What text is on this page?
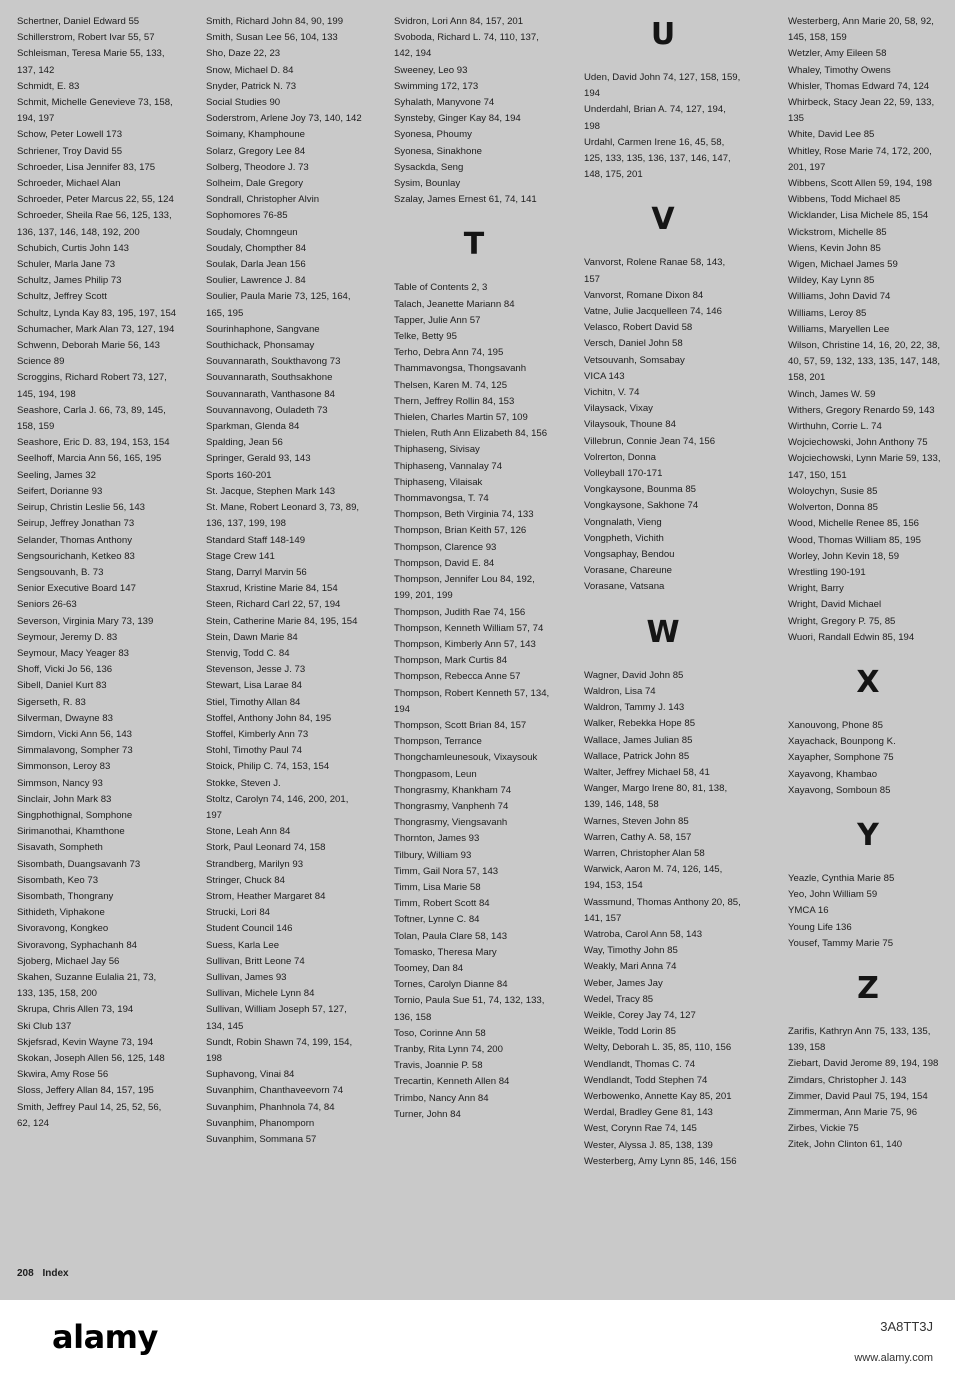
Schertner, Daniel Edward 55
Schillerstrom, Robert Ivar 55, 57
Schleisman, Teresa Marie 55, 133, 137, 142
Schmidt, E. 83
Schmit, Michelle Genevieve 73, 158, 194, 197
Schow, Peter Lowell 173
Schriener, Troy David 55
Schroeder, Lisa Jennifer 83, 175
Schroeder, Michael Alan
Schroeder, Peter Marcus 22, 55, 124
Schroeder, Sheila Rae 56, 125, 133, 136, 137, 146, 148, 192, 200
Schubich, Curtis John 143
Schuler, Marla Jane 73
Schultz, James Philip 73
Schultz, Jeffrey Scott
Schultz, Lynda Kay 83, 195, 197, 154
Schumacher, Mark Alan 73, 127, 194
Schwenn, Deborah Marie 56, 143
Science 89
Scroggins, Richard Robert 73, 127, 145, 194, 198
Seashore, Carla J. 66, 73, 89, 145, 158, 159
Seashore, Eric D. 83, 194, 153, 154
Seelhoff, Marcia Ann 56, 165, 195
Seeling, James 32
Seifert, Dorianne 93
Seirup, Christin Leslie 56, 143
Seirup, Jeffrey Jonathan 73
Selander, Thomas Anthony
Sengsourichanh, Ketkeo 83
Sengsouvanh, B. 73
Senior Executive Board 147
Seniors 26-63
Severson, Virginia Mary 73, 139
Seymour, Jeremy D. 83
Seymour, Macy Yeager 83
Shoff, Vicki Jo 56, 136
Sibell, Daniel Kurt 83
Sigerseth, R. 83
Silverman, Dwayne 83
Simdorn, Vicki Ann 56, 143
Simmalavong, Sompher 73
Simmonson, Leroy 83
Simmson, Nancy 93
Sinclair, John Mark 83
Singphothignal, Somphone
Sirimanothai, Khamthone
Sisavath, Sompheth
Sisombath, Duangsavanh 73
Sisombath, Keo 73
Sisombath, Thongrany
Sithideth, Viphakone
Sivoravong, Kongkeo
Sivoravong, Syphachanh 84
Sjoberg, Michael Jay 56
Skahen, Suzanne Eulalia 21, 73, 133, 135, 158, 200
Skrupa, Chris Allen 73, 194
Ski Club 137
Skjefsrad, Kevin Wayne 73, 194
Skokan, Joseph Allen 56, 125, 148
Skwira, Amy Rose 56
Sloss, Jeffery Allan 84, 157, 195
Smith, Jeffrey Paul 14, 25, 52, 56, 62, 124
Smith, Richard John 84, 90, 199
Smith, Susan Lee 56, 104, 133
Sho, Daze 22, 23
Snow, Michael D. 84
Snyder, Patrick N. 73
Social Studies 90
Soderstrom, Arlene Joy 73, 140, 142
Soimany, Khamphoune
Solarz, Gregory Lee 84
Solberg, Theodore J. 73
Solheim, Dale Gregory
Sondrall, Christopher Alvin
Sophomores 76-85
Soudaly, Chomngeun
Soudaly, Chompther 84
Soulak, Darla Jean 156
Soulier, Lawrence J. 84
Soulier, Paula Marie 73, 125, 164, 165, 195
Sourinhaphone, Sangvane
Southichack, Phonsamay
Souvannarath, Soukthavong 73
Souvannarath, Southsakhone
Souvannarath, Vanthasone 84
Souvannavong, Ouladeth 73
Sparkman, Glenda 84
Spalding, Jean 56
Springer, Gerald 93, 143
Sports 160-201
St. Jacque, Stephen Mark 143
St. Mane, Robert Leonard 3, 73, 89, 136, 137, 199, 198
Standard Staff 148-149
Stage Crew 141
Stang, Darryl Marvin 56
Staxrud, Kristine Marie 84, 154
Steen, Richard Carl 22, 57, 194
Stein, Catherine Marie 84, 195, 154
Stein, Dawn Marie 84
Stenvig, Todd C. 84
Stevenson, Jesse J. 73
Stewart, Lisa Larae 84
Stiel, Timothy Allan 84
Stoffel, Anthony John 84, 195
Stoffel, Kimberly Ann 73
Stohl, Timothy Paul 74
Stoick, Philip C. 74, 153, 154
Stokke, Steven J.
Stoltz, Carolyn 74, 146, 200, 201, 197
Stone, Leah Ann 84
Stork, Paul Leonard 74, 158
Strandberg, Marilyn 93
Stringer, Chuck 84
Strom, Heather Margaret 84
Strucki, Lori 84
Student Council 146
Suess, Karla Lee
Sullivan, Britt Leone 74
Sullivan, James 93
Sullivan, Michele Lynn 84
Sullivan, William Joseph 57, 127, 134, 145
Sundt, Robin Shawn 74, 199, 154, 198
Suphavong, Vinai 84
Suvanphim, Chanthaveevorn 74
Suvanphim, Phanhnola 74, 84
Suvanphim, Phanomporn
Suvanphim, Sommana 57
Svidron, Lori Ann 84, 157, 201
Svoboda, Richard L. 74, 110, 137, 142, 194
Sweeney, Leo 93
Swimming 172, 173
Syhalath, Manyvone 74
Synsteby, Ginger Kay 84, 194
Syonesa, Phoumy
Syonesa, Sinakhone
Sysackda, Seng
Sysim, Bounlay
Szalay, James Ernest 61, 74, 141
T
Table of Contents 2, 3
Talach, Jeanette Mariann 84
Tapper, Julie Ann 57
Telke, Betty 95
Terho, Debra Ann 74, 195
Thammavongsa, Thongsavanh
Thelsen, Karen M. 74, 125
Thern, Jeffrey Rollin 84, 153
Thielen, Charles Martin 57, 109
Thielen, Ruth Ann Elizabeth 84, 156
Thiphaseng, Sivisay
Thiphaseng, Vannalay 74
Thiphaseng, Vilaisak
Thommavongsa, T. 74
Thompson, Beth Virginia 74, 133
Thompson, Brian Keith 57, 126
Thompson, Clarence 93
Thompson, David E. 84
Thompson, Jennifer Lou 84, 192, 199, 201, 199
Thompson, Judith Rae 74, 156
Thompson, Kenneth William 57, 74
Thompson, Kimberly Ann 57, 143
Thompson, Mark Curtis 84
Thompson, Rebecca Anne 57
Thompson, Robert Kenneth 57, 134, 194
Thompson, Scott Brian 84, 157
Thompson, Terrance
Thongchamleunesouk, Vixaysouk
Thongpasom, Leun
Thongrasmy, Khankham 74
Thongrasmy, Vanphenh 74
Thongrasmy, Viengsavanh
Thornton, James 93
Tilbury, William 93
Timm, Gail Nora 57, 143
Timm, Lisa Marie 58
Timm, Robert Scott 84
Toftner, Lynne C. 84
Tolan, Paula Clare 58, 143
Tomasko, Theresa Mary
Toomey, Dan 84
Tornes, Carolyn Dianne 84
Tornio, Paula Sue 51, 74, 132, 133, 136, 158
Toso, Corinne Ann 58
Tranby, Rita Lynn 74, 200
Travis, Joannie P. 58
Trecartin, Kenneth Allen 84
Trimbo, Nancy Ann 84
Turner, John 84
U
Uden, David John 74, 127, 158, 159, 194
Underdahl, Brian A. 74, 127, 194, 198
Urdahl, Carmen Irene 16, 45, 58, 125, 133, 135, 136, 137, 146, 147, 148, 175, 201
V
Vanvorst, Rolene Ranae 58, 143, 157
Vanvorst, Romane Dixon 84
Vatne, Julie Jacquelleen 74, 146
Velasco, Robert David 58
Versch, Daniel John 58
Vetsouvanh, Somsabay
VICA 143
Vichitn, V. 74
Vilaysack, Vixay
Vilaysouk, Thoune 84
Villebrun, Connie Jean 74, 156
Volrerton, Donna
Volleyball 170-171
Vongkaysone, Bounma 85
Vongkaysone, Sakhone 74
Vongnalath, Vieng
Vongpheth, Vichith
Vongsaphay, Bendou
Vorasane, Chareune
Vorasane, Vatsana
W
Wagner, David John 85
Waldron, Lisa 74
Waldron, Tammy J. 143
Walker, Rebekka Hope 85
Wallace, James Julian 85
Wallace, Patrick John 85
Walter, Jeffrey Michael 58, 41
Wanger, Margo Irene 80, 81, 138, 139, 146, 148, 58
Warnes, Steven John 85
Warren, Cathy A. 58, 157
Warren, Christopher Alan 58
Warwick, Aaron M. 74, 126, 145, 194, 153, 154
Wassmund, Thomas Anthony 20, 85, 141, 157
Watroba, Carol Ann 58, 143
Way, Timothy John 85
Weakly, Mari Anna 74
Weber, James Jay
Wedel, Tracy 85
Weikle, Corey Jay 74, 127
Weikle, Todd Lorin 85
Welty, Deborah L. 35, 85, 110, 156
Wendlandt, Thomas C. 74
Wendlandt, Todd Stephen 74
Werbowenko, Annette Kay 85, 201
Werdal, Bradley Gene 81, 143
West, Corynn Rae 74, 145
Wester, Alyssa J. 85, 138, 139
Westerberg, Amy Lynn 85, 146, 156
Westerberg, Ann Marie 20, 58, 92, 145, 158, 159
Wetzler, Amy Eileen 58
Whaley, Timothy Owens
Whisler, Thomas Edward 74, 124
Whirbeck, Stacy Jean 22, 59, 133, 135
White, David Lee 85
Whitley, Rose Marie 74, 172, 200, 201, 197
Wibbens, Scott Allen 59, 194, 198
Wibbens, Todd Michael 85
Wicklander, Lisa Michele 85, 154
Wickstrom, Michelle 85
Wiens, Kevin John 85
Wigen, Michael James 59
Wildey, Kay Lynn 85
Williams, John David 74
Williams, Leroy 85
Williams, Maryellen Lee
Wilson, Christine 14, 16, 20, 22, 38, 40, 57, 59, 132, 133, 135, 147, 148, 158, 201
Winch, James W. 59
Withers, Gregory Renardo 59, 143
Wirthuhn, Corrie L. 74
Wojciechowski, John Anthony 75
Wojciechowski, Lynn Marie 59, 133, 147, 150, 151
Woloychyn, Susie 85
Wolverton, Donna 85
Wood, Michelle Renee 85, 156
Wood, Thomas William 85, 195
Worley, John Kevin 18, 59
Wrestling 190-191
Wright, Barry
Wright, David Michael
Wright, Gregory P. 75, 85
Wuori, Randall Edwin 85, 194
X
Xanouvong, Phone 85
Xayachack, Bounpong K.
Xayapher, Somphone 75
Xayavong, Khambao
Xayavong, Somboun 85
Y
Yeazle, Cynthia Marie 85
Yeo, John William 59
YMCA 16
Young Life 136
Yousef, Tammy Marie 75
Z
Zarifis, Kathryn Ann 75, 133, 135, 139, 158
Ziebart, David Jerome 89, 194, 198
Zimdars, Christopher J. 143
Zimmer, David Paul 75, 194, 154
Zimmerman, Ann Marie 75, 96
Zirbes, Vickie 75
Zitek, John Clinton 61, 140
208 Index
alamy	3A8TT3J
www.alamy.com
